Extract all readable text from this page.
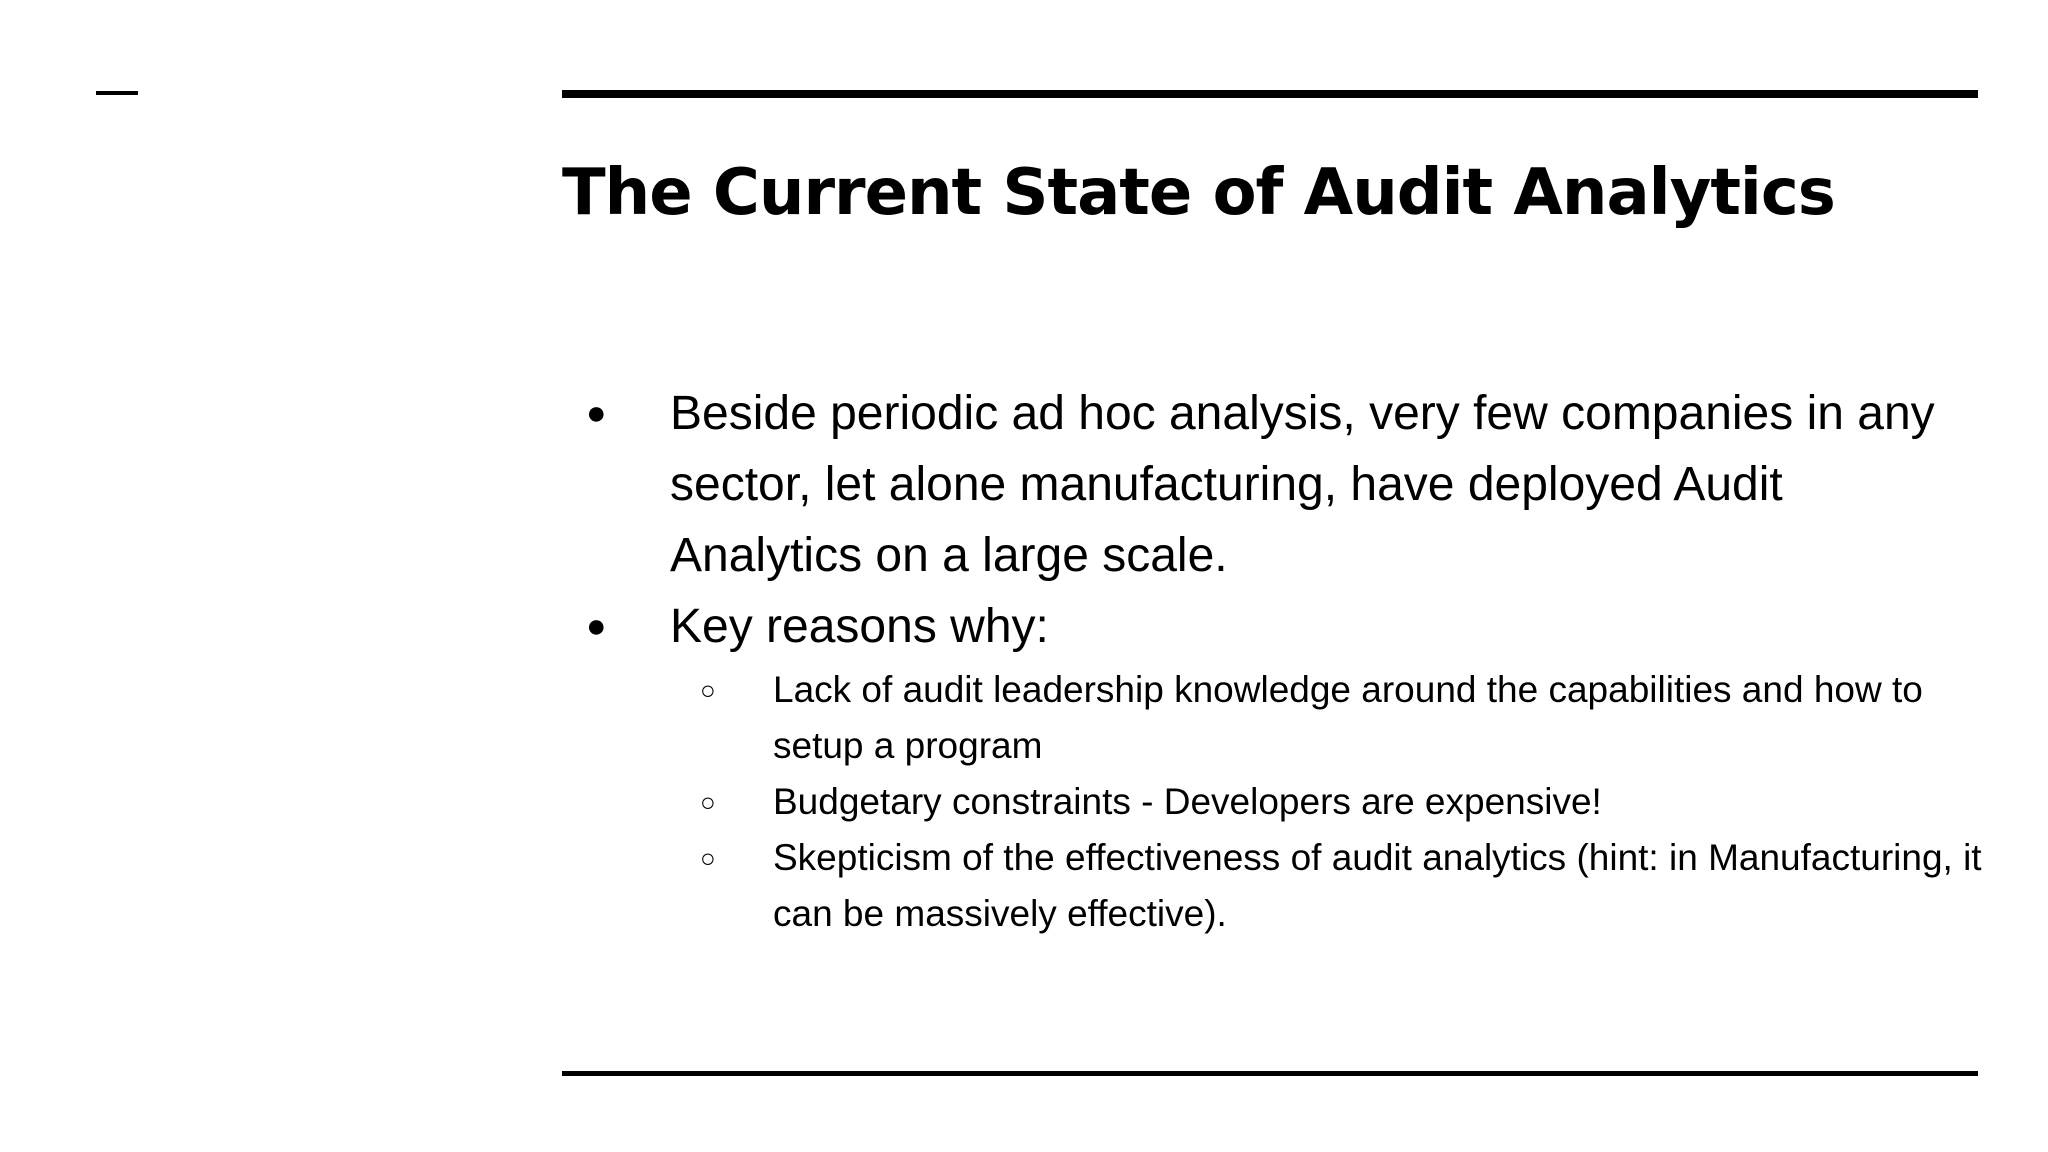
The Current State of Audit Analytics
● Beside periodic ad hoc analysis, very few companies in any sector, let alone manufacturing, have deployed Audit Analytics on a large scale.
● Key reasons why:
○ Lack of audit leadership knowledge around the capabilities and how to setup a program
○ Budgetary constraints - Developers are expensive!
○ Skepticism of the effectiveness of audit analytics (hint: in Manufacturing, it can be massively effective).
